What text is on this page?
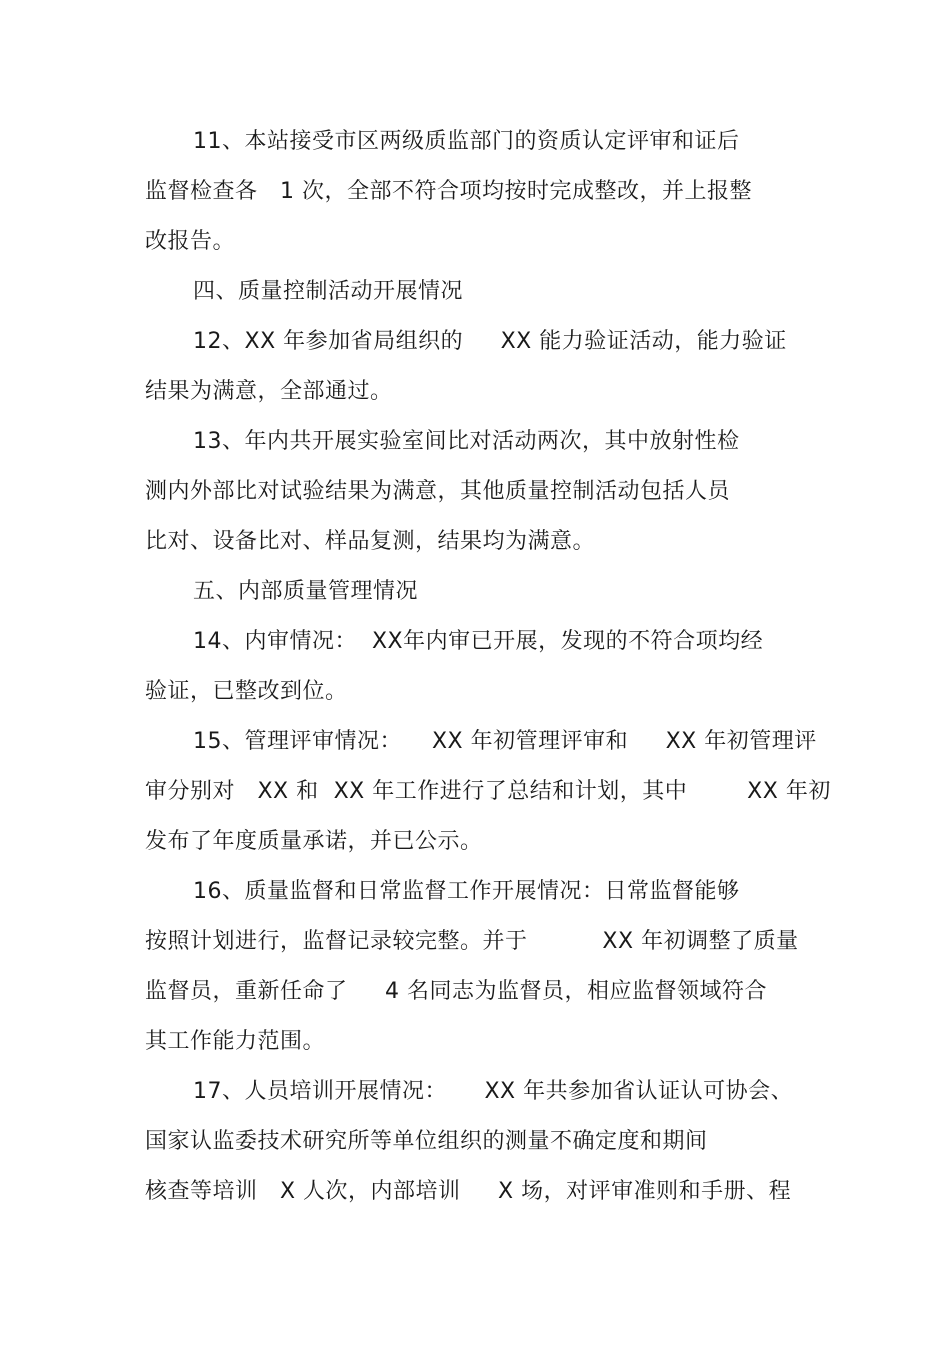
11、本站接受市区两级质监部门的资质认定评审和证后
监督检查各   1 次，全部不符合项均按时完成整改，并上报整
改报告。
四、质量控制活动开展情况
12、XX 年参加省局组织的     XX 能力验证活动，能力验证
结果为满意，全部通过。
13、年内共开展实验室间比对活动两次，其中放射性检
测内外部比对试验结果为满意，其他质量控制活动包括人员
比对、设备比对、样品复测，结果均为满意。
五、内部质量管理情况
14、内审情况：  XX年内审已开展，发现的不符合项均经
验证，已整改到位。
15、管理评审情况：    XX 年初管理评审和     XX 年初管理评
审分别对   XX 和  XX 年工作进行了总结和计划，其中        XX 年初
发布了年度质量承诺，并已公示。
16、质量监督和日常监督工作开展情况：日常监督能够
按照计划进行，监督记录较完整。并于          XX 年初调整了质量
监督员，重新任命了     4 名同志为监督员，相应监督领域符合
其工作能力范围。
17、人员培训开展情况：     XX 年共参加省认证认可协会、
国家认监委技术研究所等单位组织的测量不确定度和期间
核查等培训   X 人次，内部培训     X 场，对评审准则和手册、程
